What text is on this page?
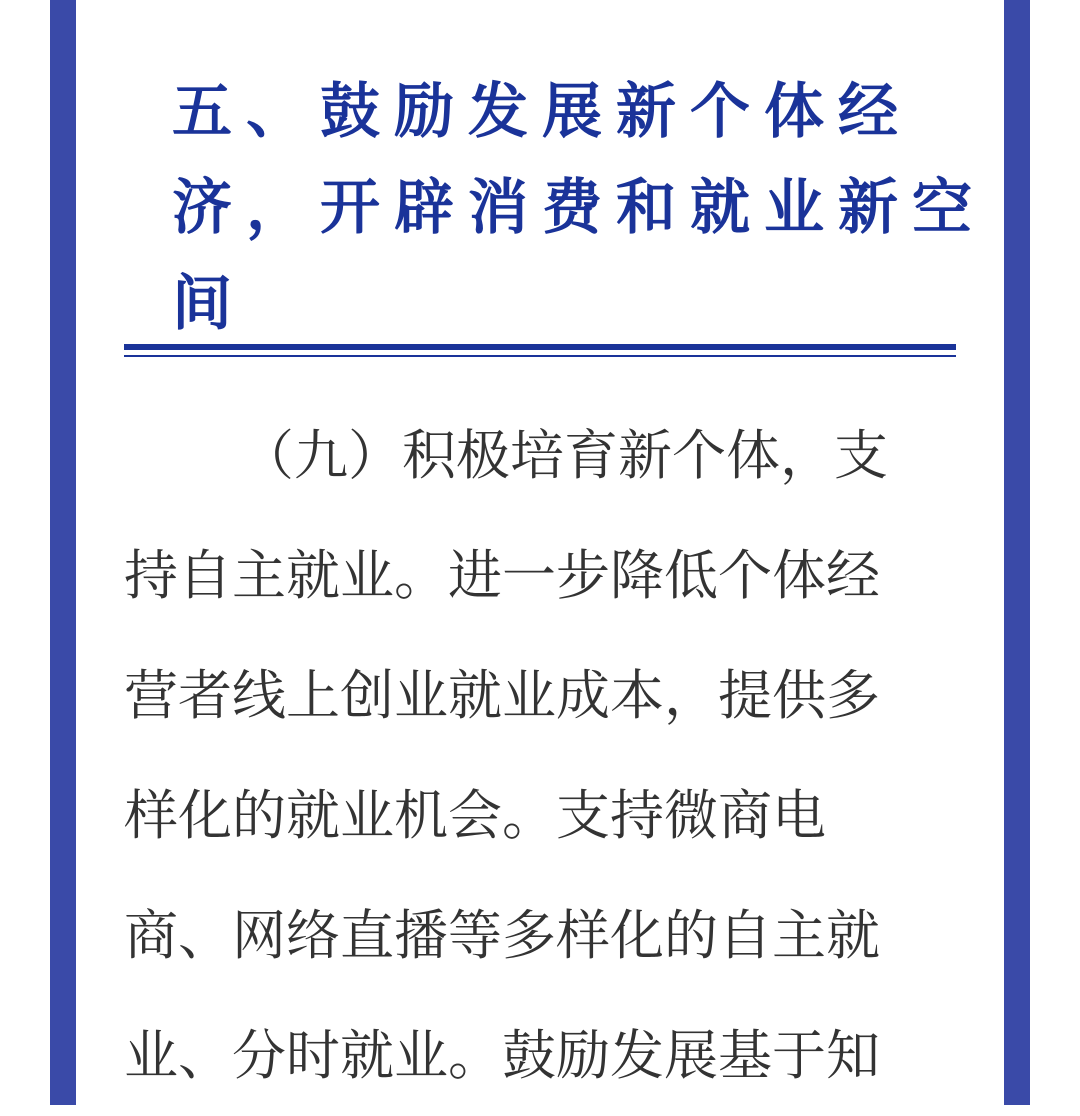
五、鼓励发展新个体经
济，开辟消费和就业新空
间

（九）积极培育新个体，支
持自主就业。进一步降低个体经
营者线上创业就业成本，提供多
样化的就业机会。支持微商电
商、网络直播等多样化的自主就
业、分时就业。鼓励发展基于知
